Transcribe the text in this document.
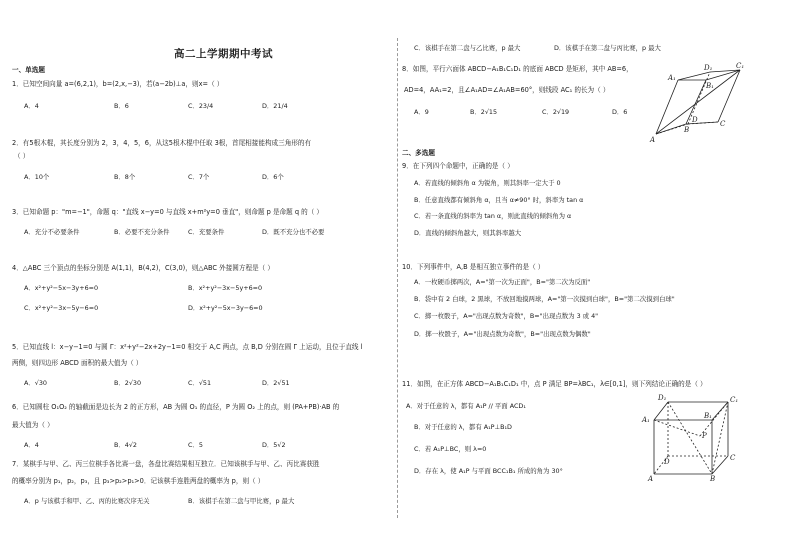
高二上学期期中考试
一、单选题
1．已知空间向量 a=(6,2,1)，b=(2,x,−3)，若(a−2b)⊥a，则x=（ ）
A．4	B．6	C．23/4	D．21/4
2．有5根木棍，其长度分别为 2，3，4，5，6，从这5根木棍中任取 3根，首尾相接能构成三角形的有
（ ）
A．10个	B．8个	C．7个	D．6个
3．已知命题 p："m=−1"，命题 q："直线 x−y=0 与直线 x+m²y=0 垂直"，则命题 p 是命题 q 的（ ）
A．充分不必要条件	B．必要不充分条件	C．充要条件	D．既不充分也不必要
4．△ABC 三个顶点的坐标分别是 A(1,1)，B(4,2)，C(3,0)，则△ABC 外接圆方程是（ ）
A．x²+y²−5x−3y+6=0	B．x²+y²−3x−5y+6=0
C．x²+y²−3x−5y−6=0	D．x²+y²−5x−3y−6=0
5．已知直线 l：x−y−1=0 与圆 Γ：x²+y²−2x+2y−1=0 相交于 A,C 两点，点 B,D 分别在圆 Γ 上运动，且位于直线 l
两侧，则四边形 ABCD 面积的最大值为（ ）
A．√30	B．2√30	C．√51	D．2√51
6．已知圆柱 O₁O₂ 的轴截面是边长为 2 的正方形，AB 为圆 O₁ 的直径，P 为圆 O₂ 上的点，则 (PA+PB)·AB 的
最大值为（ ）
A．4	B．4√2	C．5	D．5√2
7．某棋手与甲、乙、丙三位棋手各比赛一盘，各盘比赛结果相互独立．已知该棋手与甲、乙、丙比赛获胜
的概率分别为 p₁，p₂，p₃，且 p₃>p₂>p₁>0．记该棋手连胜两盘的概率为 p，则（ ）
A．p 与该棋手和甲、乙、丙的比赛次序无关	B．该棋手在第二盘与甲比赛，p 最大
C．该棋手在第二盘与乙比赛，p 最大	D．该棋手在第二盘与丙比赛，p 最大
8．如图，平行六面体 ABCD−A₁B₁C₁D₁ 的底面 ABCD 是矩形，其中 AB=6，
AD=4，AA₁=2，且∠A₁AD=∠A₁AB=60°，则线段 AC₁ 的长为（ ）
A．9	B．2√15	C．2√19	D．6
A₁
D₁	C₁
B₁
A
B
D	C
二、多选题
9．在下列四个命题中，正确的是（ ）
A．若直线的倾斜角 α 为锐角，则其斜率一定大于 0
B．任意直线都有倾斜角 α，且当 α≠90° 时，斜率为 tan α
C．若一条直线的斜率为 tan α，则此直线的倾斜角为 α
D．直线的倾斜角越大，则其斜率越大
10．下列事件中，A,B 是相互独立事件的是（ ）
A．一枚硬币掷两次，A="第一次为正面"，B="第二次为反面"
B．袋中有 2 白球，2 黑球，不放回地摸两球，A="第一次摸到白球"，B="第二次摸到白球"
C．掷一枚骰子，A="出现点数为奇数"，B="出现点数为 3 或 4"
D．掷一枚骰子，A="出现点数为奇数"，B="出现点数为偶数"
11．如图，在正方体 ABCD−A₁B₁C₁D₁ 中，点 P 满足 BP=λBC₁，λ∈[0,1]，则下列结论正确的是（ ）
A．对于任意的 λ，都有 A₁P // 平面 ACD₁
B．对于任意的 λ，都有 A₁P⊥B₁D
C．若 A₁P⊥BC，则 λ=0
D．存在 λ，使 A₁P 与平面 BCC₁B₁ 所成的角为 30°
D₁	C₁
A₁	B₁
P
D	C
A	B
